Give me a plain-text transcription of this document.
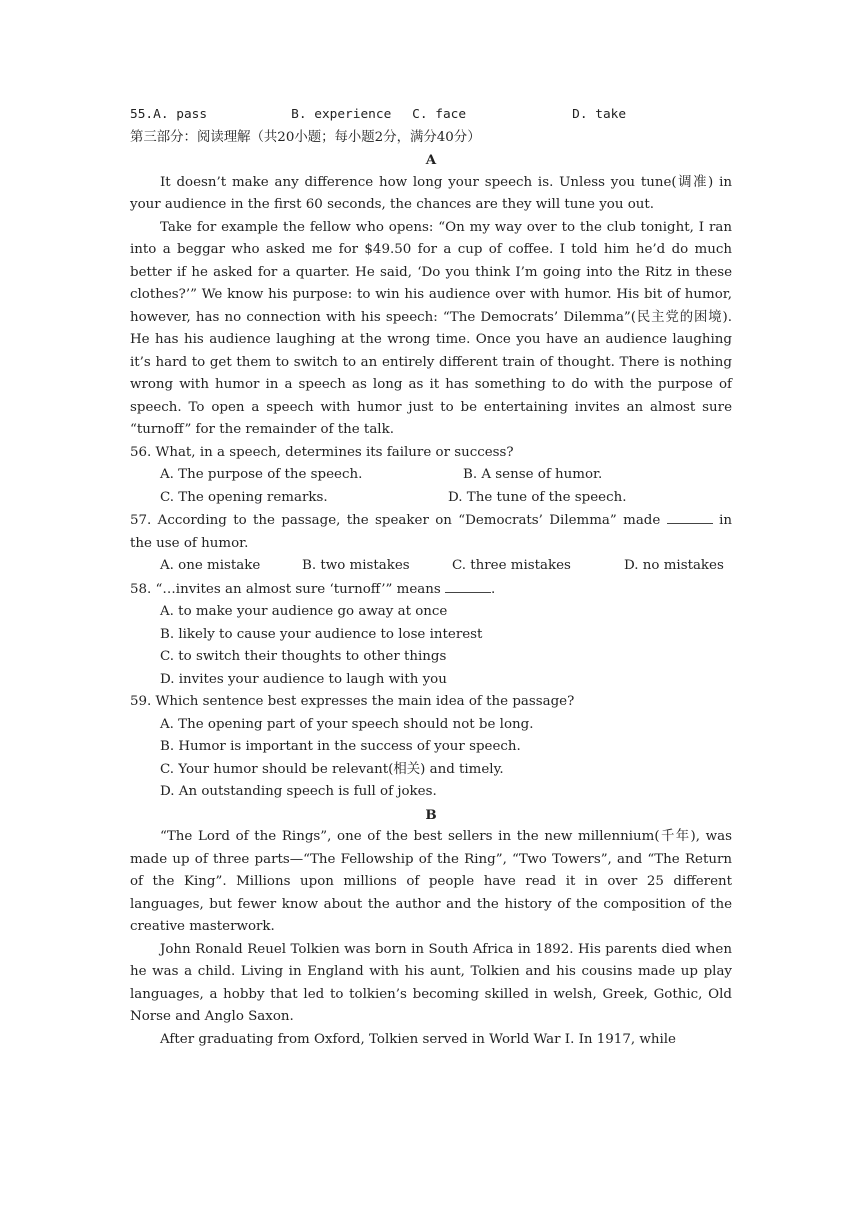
55. A. pass	B. experience	C. face	D. take

第三部分：阅读理解（共20小题；每小题2分，满分40分）

A

It doesn’t make any difference how long your speech is. Unless you tune(调准) in your audience in the first 60 seconds, the chances are they will tune you out.

Take for example the fellow who opens: “On my way over to the club tonight, I ran into a beggar who asked me for $49.50 for a cup of coffee. I told him he’d do much better if he asked for a quarter. He said, ‘Do you think I’m going into the Ritz in these clothes?’” We know his purpose: to win his audience over with humor. His bit of humor, however, has no connection with his speech: “The Democrats’ Dilemma”(民主党的困境). He has his audience laughing at the wrong time. Once you have an audience laughing it’s hard to get them to switch to an entirely different train of thought. There is nothing wrong with humor in a speech as long as it has something to do with the purpose of speech. To open a speech with humor just to be entertaining invites an almost sure “turnoff” for the remainder of the talk.

56. What, in a speech, determines its failure or success?

A. The purpose of the speech.	B. A sense of humor.
C. The opening remarks.	D. The tune of the speech.

57. According to the passage, the speaker on “Democrats’ Dilemma” made	in the use of humor.

A. one mistake	B. two mistakes	C. three mistakes	D. no mistakes

58. “…invites an almost sure ‘turnoff’” means	.

A. to make your audience go away at once

B. likely to cause your audience to lose interest

C. to switch their thoughts to other things

D. invites your audience to laugh with you

59. Which sentence best expresses the main idea of the passage?

A. The opening part of your speech should not be long.

B. Humor is important in the success of your speech.

C. Your humor should be relevant(相关) and timely.

D. An outstanding speech is full of jokes.

B

“The Lord of the Rings”, one of the best sellers in the new millennium(千年), was made up of three parts—“The Fellowship of the Ring”, “Two Towers”, and “The Return of the King”. Millions upon millions of people have read it in over 25 different languages, but fewer know about the author and the history of the composition of the creative masterwork.

John Ronald Reuel Tolkien was born in South Africa in 1892. His parents died when he was a child. Living in England with his aunt, Tolkien and his cousins made up play languages, a hobby that led to tolkien’s becoming skilled in welsh, Greek, Gothic, Old Norse and Anglo Saxon.

After graduating from Oxford, Tolkien served in World War I. In 1917, while
